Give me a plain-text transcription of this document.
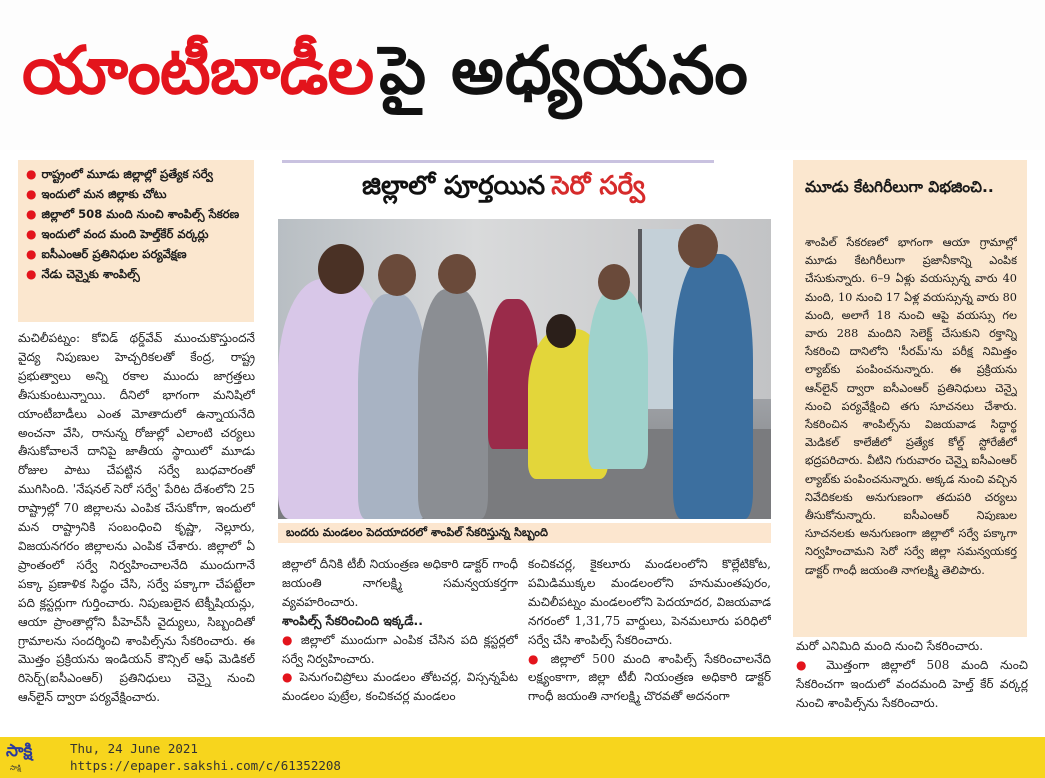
యాంటీబాడీలపై అధ్యయనం
● రాష్ట్రంలో మూడు జిల్లాల్లో ప్రత్యేక సర్వే
● ఇందులో మన జిల్లాకు చోటు
● జిల్లాలో 508 మంది నుంచి శాంపిల్స్ సేకరణ
● ఇందులో వంద మంది హెల్త్‌కేర్ వర్కర్లు
● ఐసీఎంఆర్ ప్రతినిధుల పర్యవేక్షణ
● నేడు చెన్నైకు శాంపిల్స్
మచిలీపట్నం: కోవిడ్ థర్డ్‌వేవ్ ముంచుకొస్తుందనే వైద్య నిపుణుల హెచ్చరికలతో కేంద్ర, రాష్ట్ర ప్రభుత్వాలు అన్ని రకాల ముందు జాగ్రత్తలు తీసుకుంటున్నాయి. దీనిలో భాగంగా మనిషిలో యాంటీబాడీలు ఎంత మోతాదులో ఉన్నాయనేది అంచనా వేసి, రానున్న రోజుల్లో ఎలాంటి చర్యలు తీసుకోవాలనే దానిపై జాతీయ స్థాయిలో మూడు రోజుల పాటు చేపట్టిన సర్వే బుధవారంతో ముగిసింది. 'నేషనల్ సెరో సర్వే' పేరిట దేశంలోని 25 రాష్ట్రాల్లో 70 జిల్లాలను ఎంపిక చేసుకోగా, ఇందులో మన రాష్ట్రానికి సంబంధించి కృష్ణా, నెల్లూరు, విజయనగరం జిల్లాలను ఎంపిక చేశారు. జిల్లాలో ఏ ప్రాంతంలో సర్వే నిర్వహించాలనేది ముందుగానే పక్కా ప్రణాళిక సిద్ధం చేసి, సర్వే పక్కాగా చేపట్టేలా పది క్లస్టర్లుగా గుర్తించారు. నిపుణులైన టెక్నీషియన్లు, ఆయా ప్రాంతాల్లోని పీహెచ్‌సీ వైద్యులు, సిబ్బందితో గ్రామాలను సందర్శించి శాంపిల్స్‌ను సేకరించారు. ఈ మొత్తం ప్రక్రియను ఇండియన్ కౌన్సిల్ ఆఫ్ మెడికల్ రిసెర్చ్(ఐసీఎంఆర్) ప్రతినిధులు చెన్నై నుంచి ఆన్‌లైన్ ద్వారా పర్యవేక్షించారు.
జిల్లాలో పూర్తయిన సెరో సర్వే
బందరు మండలం పెదయాదరలో శాంపిల్ సేకరిస్తున్న సిబ్బంది
జిల్లాలో దీనికి టీబీ నియంత్రణ అధికారి డాక్టర్ గాంధీ జయంతి నాగలక్ష్మి సమన్వయకర్తగా వ్యవహరించారు.
శాంపిల్స్ సేకరించింది ఇక్కడే..
● జిల్లాలో ముందుగా ఎంపిక చేసిన పది క్లస్టర్లలో సర్వే నిర్వహించారు.
● పెనుగంచిప్రోలు మండలం తోటచర్ల, విస్సన్నపేట మండలం పుట్రేల, కంచికచర్ల మండలం
కంచికచర్ల, కైకలూరు మండలంలోని కొల్లేటికోట, పమిడిముక్కల మండలంలోని హనుమంతపురం, మచిలీపట్నం మండలంలోని పెదయాదర, విజయవాడ నగరంలో 1,31,75 వార్డులు, పెనమలూరు పరిధిలో సర్వే చేసి శాంపిల్స్ సేకరించారు.
● జిల్లాలో 500 మంది శాంపిల్స్ సేకరించాలనేది లక్ష్యంకాగా, జిల్లా టీబీ నియంత్రణ అధికారి డాక్టర్ గాంధీ జయంతి నాగలక్ష్మి చొరవతో అదనంగా
మూడు కేటగిరీలుగా విభజించి..
శాంపిల్ సేకరణలో భాగంగా ఆయా గ్రామాల్లో మూడు కేటగిరీలుగా ప్రజానీకాన్ని ఎంపిక చేసుకున్నారు. 6–9 ఏళ్లు వయస్సున్న వారు 40 మంది, 10 నుంచి 17 ఏళ్ల వయస్సున్న వారు 80 మంది, అలాగే 18 నుంచి ఆపై వయస్సు గల వారు 288 మందిని సెలెక్ట్ చేసుకుని రక్తాన్ని సేకరించి దానిలోని 'సీరమ్'ను పరీక్ష నిమిత్తం ల్యాబ్‌కు పంపించనున్నారు. ఈ ప్రక్రియను ఆన్‌లైన్ ద్వారా ఐసీఎంఆర్ ప్రతినిధులు చెన్నై నుంచి పర్యవేక్షించి తగు సూచనలు చేశారు. సేకరించిన శాంపిల్స్‌ను విజయవాడ సిద్ధార్థ మెడికల్ కాలేజీలో ప్రత్యేక కోల్డ్ స్టోరేజీలో భద్రపరిచారు. వీటిని గురువారం చెన్నై ఐసీఎంఆర్ ల్యాబ్‌కు పంపించనున్నారు. అక్కడ నుంచి వచ్చిన నివేదికలకు అనుగుణంగా తదుపరి చర్యలు తీసుకోనున్నారు. ఐసీఎంఆర్ నిపుణుల సూచనలకు అనుగుణంగా జిల్లాలో సర్వే పక్కాగా నిర్వహించామని సెరో సర్వే జిల్లా సమన్వయకర్త డాక్టర్ గాంధీ జయంతి నాగలక్ష్మి తెలిపారు.
మరో ఎనిమిది మంది నుంచి సేకరించారు.
● మొత్తంగా జిల్లాలో 508 మంది నుంచి సేకరించగా ఇందులో వందమంది హెల్త్ కేర్ వర్కర్ల నుంచి శాంపిల్స్‌ను సేకరించారు.
సాక్షి
సాక్షి
Thu, 24 June 2021
https://epaper.sakshi.com/c/61352208
